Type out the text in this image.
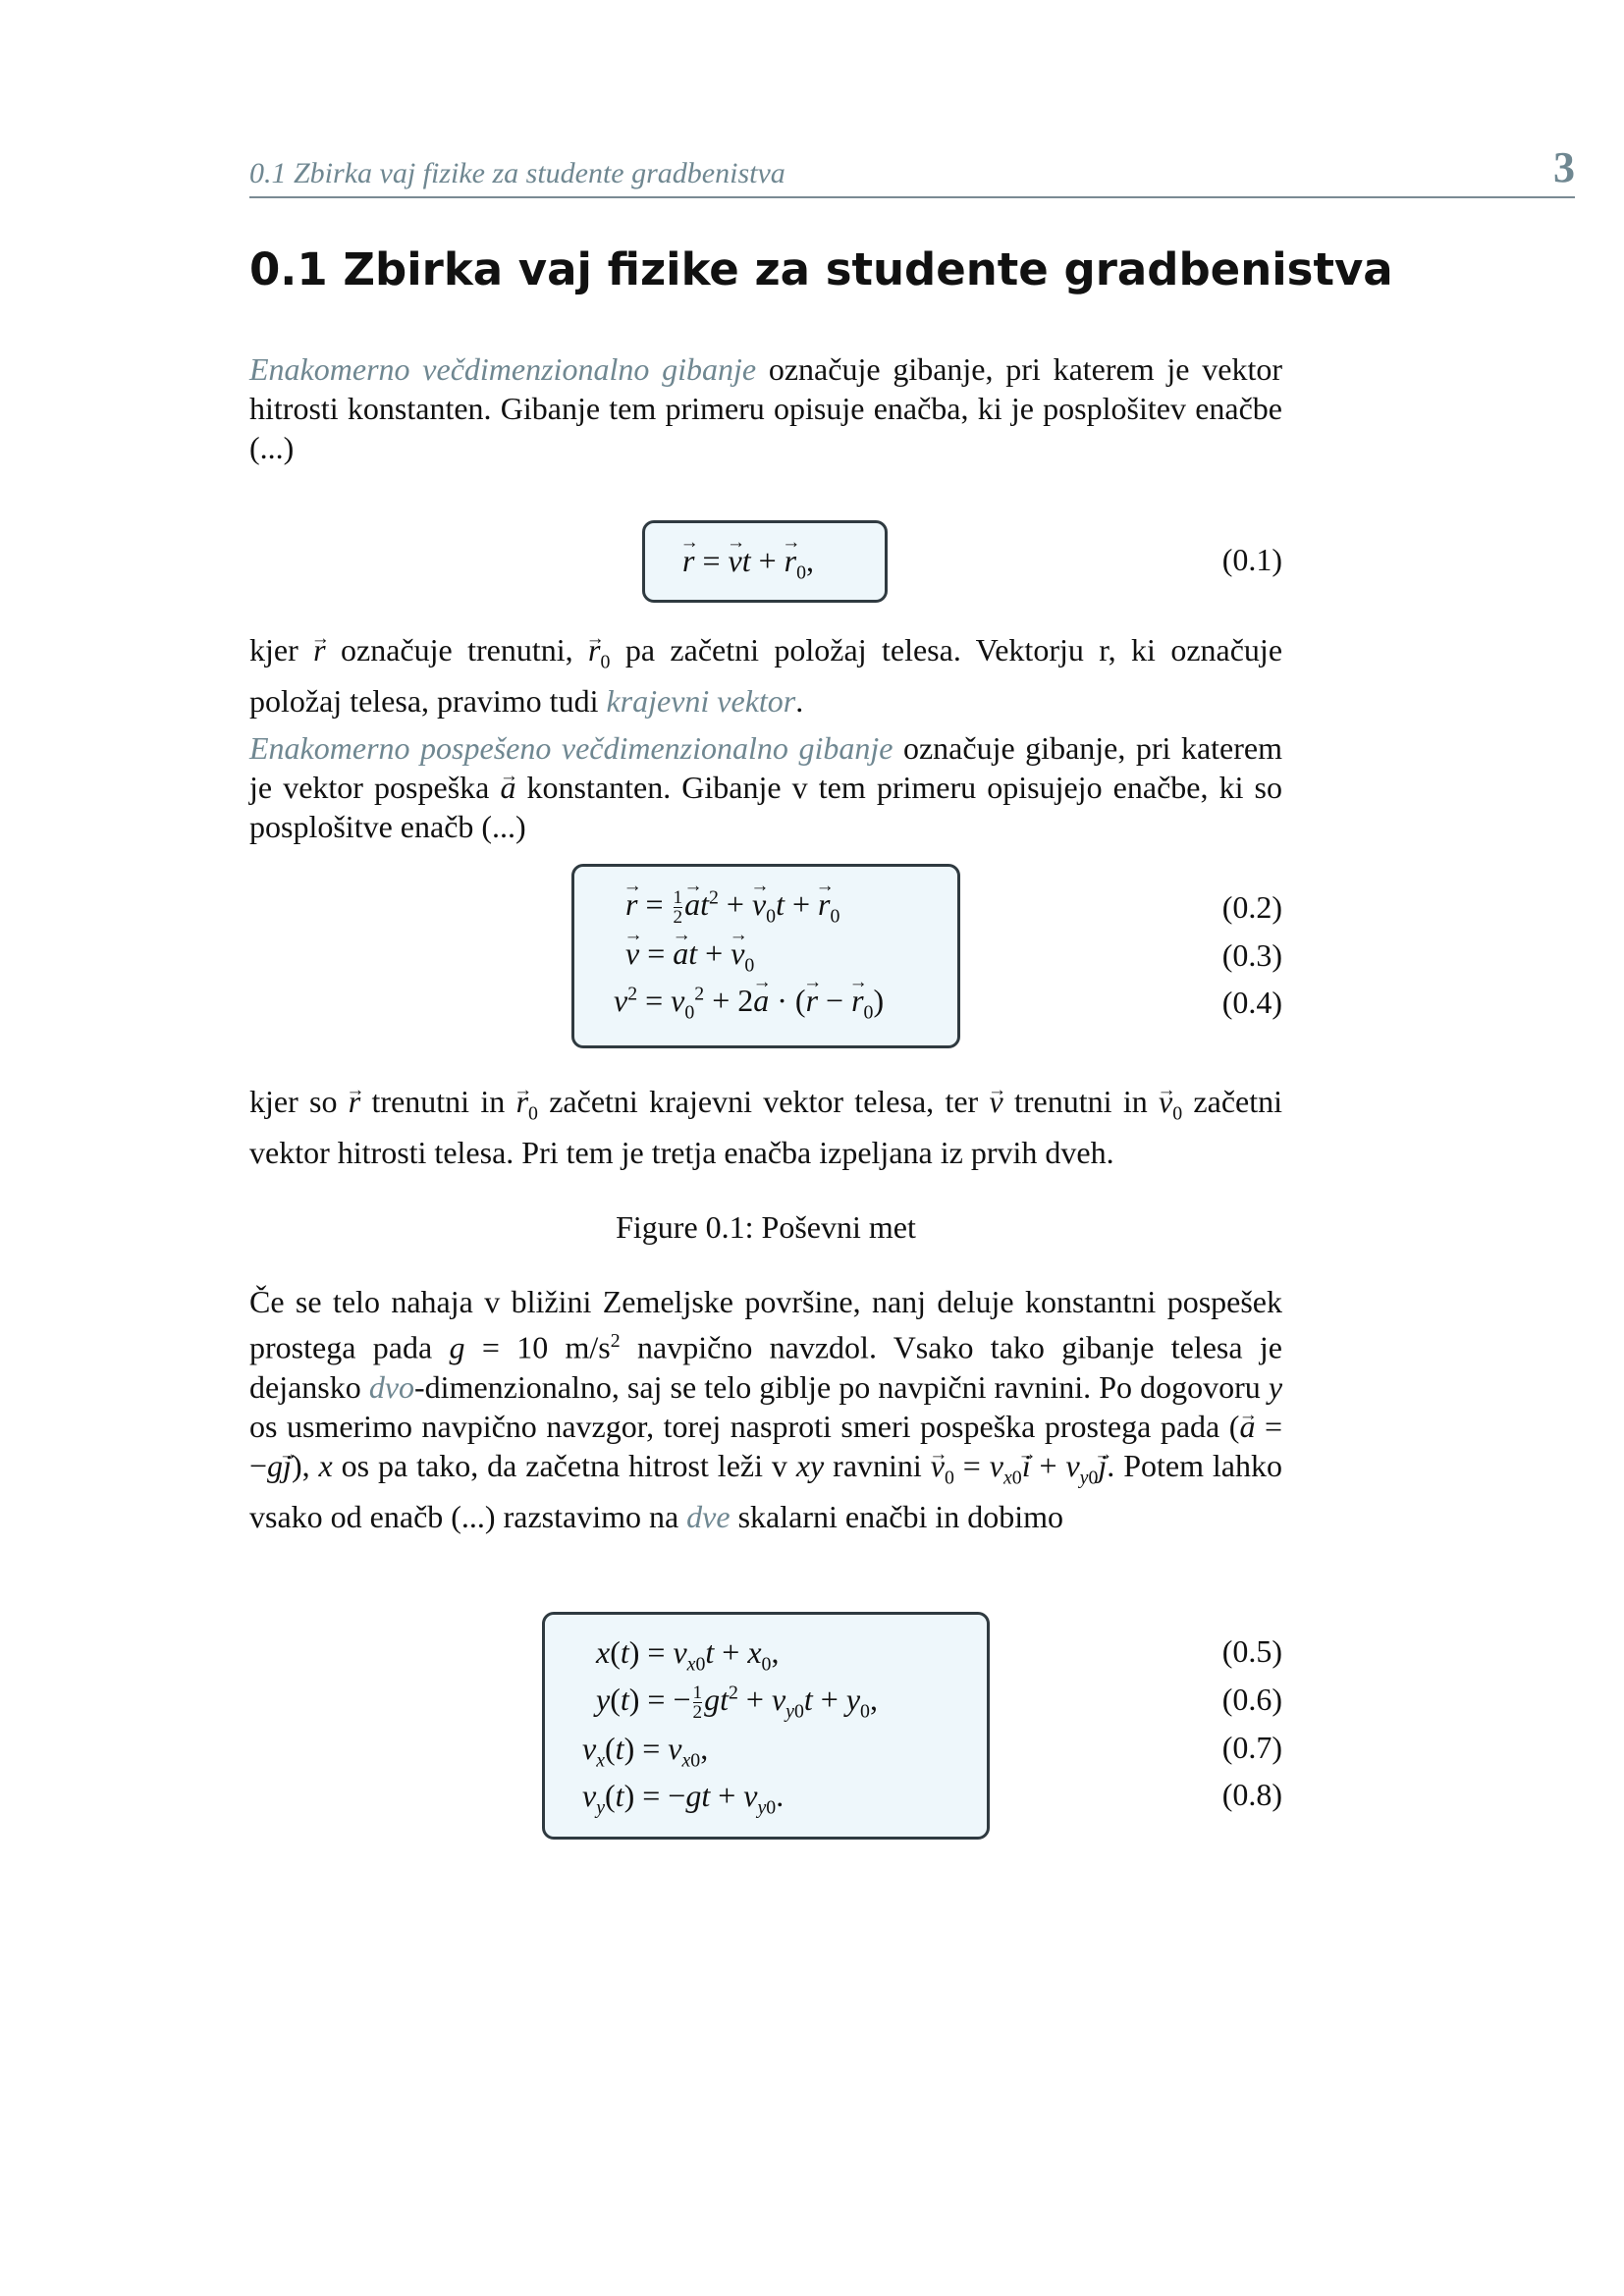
0.1 Zbirka vaj fizike za studente gradbenistva	3
0.1 Zbirka vaj fizike za studente gradbenistva

Enakomerno večdimenzionalno gibanje označuje gibanje, pri katerem je vektor hitrosti konstanten. Gibanje tem primeru opisuje enačba, ki je posplošitev enačbe (...)

→ r = → vt + → $r_0$,	(0.1)

kjer → r označuje trenutni, → $r_0$ pa začetni položaj telesa. Vektorju r, ki označuje položaj telesa, pravimo tudi krajevni vektor.

Enakomerno pospešeno večdimenzionalno gibanje označuje gibanje, pri katerem je vektor pospeška → a konstanten. Gibanje v tem primeru opisujejo enačbe, ki so posplošitve enačb (...)

→ $r = \frac{1}{2}$
→ $at^2$ + → $v_0t$ + → $r_0$
→ v = → at + → $v_0$
$v^2 = v_0^2 + 2\to a$ · (→ r − → $r_0$)
(0.2)
(0.3)
(0.4)

kjer so → r trenutni in → $r_0$ začetni krajevni vektor telesa, ter → v trenutni in → $v_0$ začetni vektor hitrosti telesa. Pri tem je tretja enačba izpeljana iz prvih dveh.

Figure 0.1: Poševni met

Če se telo nahaja v bližini Zemeljske površine, nanj deluje konstantni pospešek prostega pada g = 10 $m/s^2$ navpično navzdol. Vsako tako gibanje telesa je dejansko dvo-dimenzionalno, saj se telo giblje po navpični ravnini. Po dogovoru y os usmerimo navpično navzgor, torej nasproti smeri pospeška prostega pada (→ a = −g→ j), x os pa tako, da začetna hitrost leži v xy ravnini → $v_0 = v_{x0}\to i + v_{y0}\to j$. Potem lahko vsako od enačb (...) razstavimo na dve skalarni enačbi in dobimo

$x(t) = v_{x0}t + x_0$,
y(t) = − $\frac{1}{2} gt^2 + v_{y0}t + y_0$,
$v_x(t) = v_{x0}$,
$v_y(t) = -gt + v_{y0}$.
(0.5)
(0.6)
(0.7)
(0.8)
